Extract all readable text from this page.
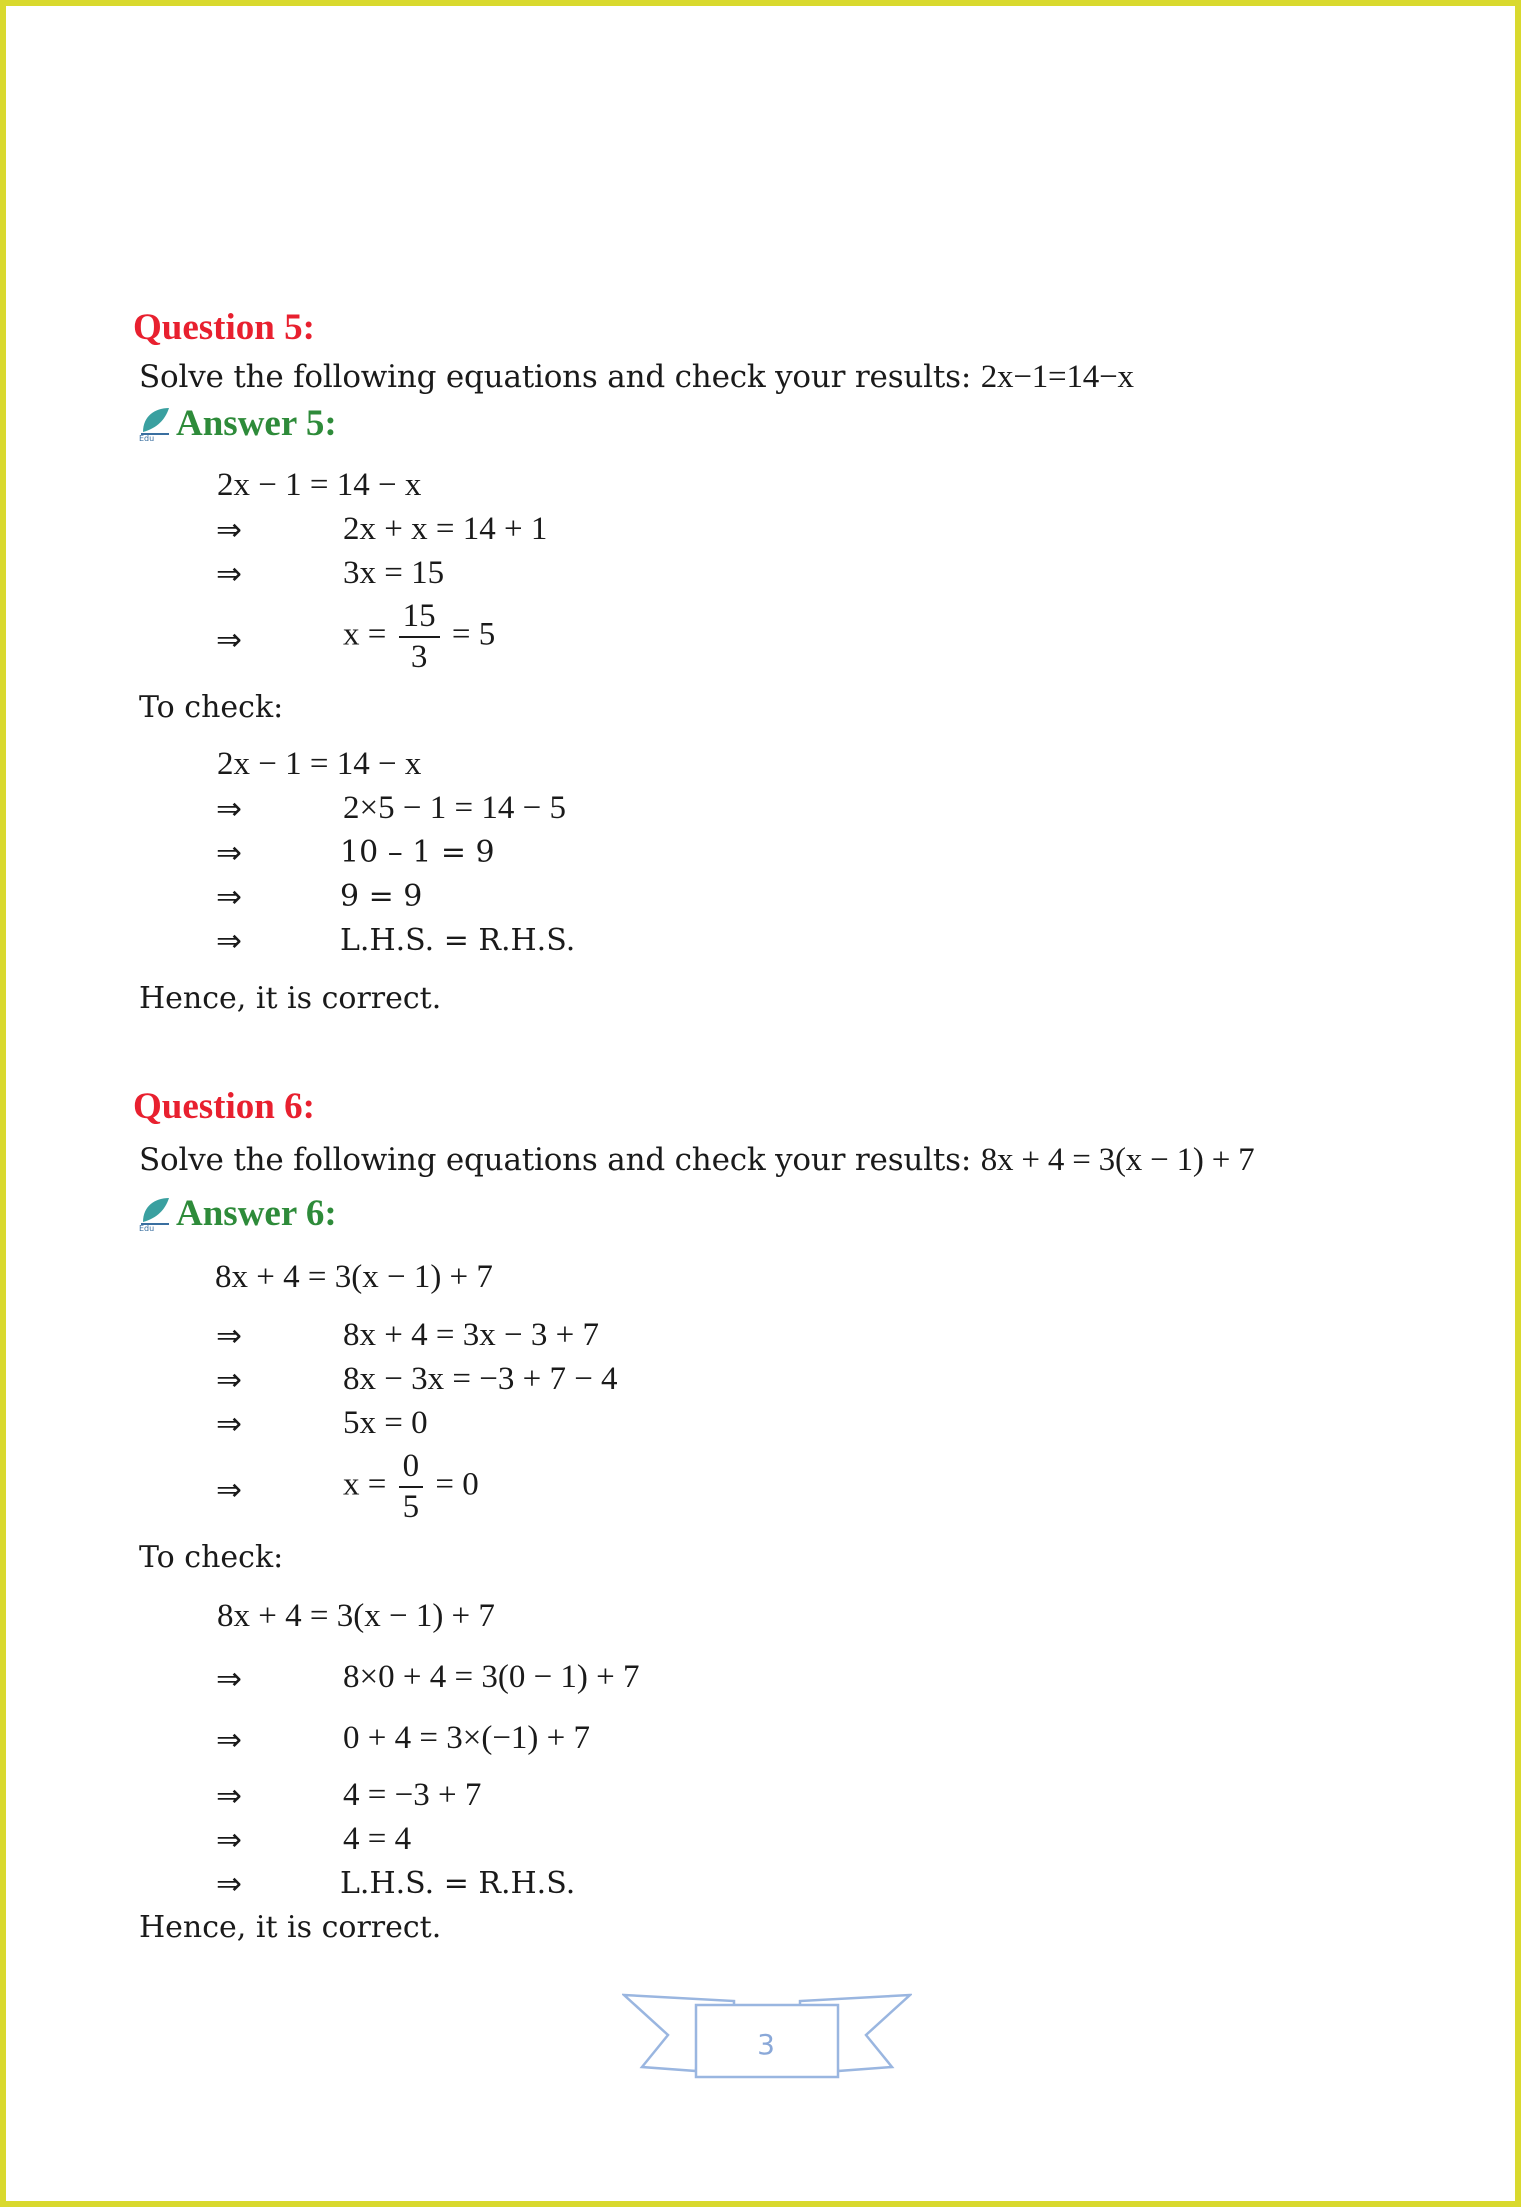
Question 5:
Solve the following equations and check your results: 2x−1=14−x
Edu Answer 5:
2x − 1 = 14 − x
⇒	2x + x = 14 + 1
⇒	3x = 15
⇒	$x = \frac{15}{3} = 5$
To check:
2x − 1 = 14 − x
⇒	2×5 − 1 = 14 − 5
⇒	10 – 1 = 9
⇒	9 = 9
⇒	L.H.S. = R.H.S.
Hence, it is correct.
Question 6:
Solve the following equations and check your results: 8x + 4 = 3(x − 1) + 7
Edu Answer 6:
8x + 4 = 3(x − 1) + 7
⇒	8x + 4 = 3x − 3 + 7
⇒	8x − 3x = −3 + 7 − 4
⇒	5x = 0
⇒	$x = \frac{0}{5} = 0$
To check:
8x + 4 = 3(x − 1) + 7
⇒	8×0 + 4 = 3(0 − 1) + 7
⇒	0 + 4 = 3×(−1) + 7
⇒	4 = −3 + 7
⇒	4 = 4
⇒	L.H.S. = R.H.S.
Hence, it is correct.
3
